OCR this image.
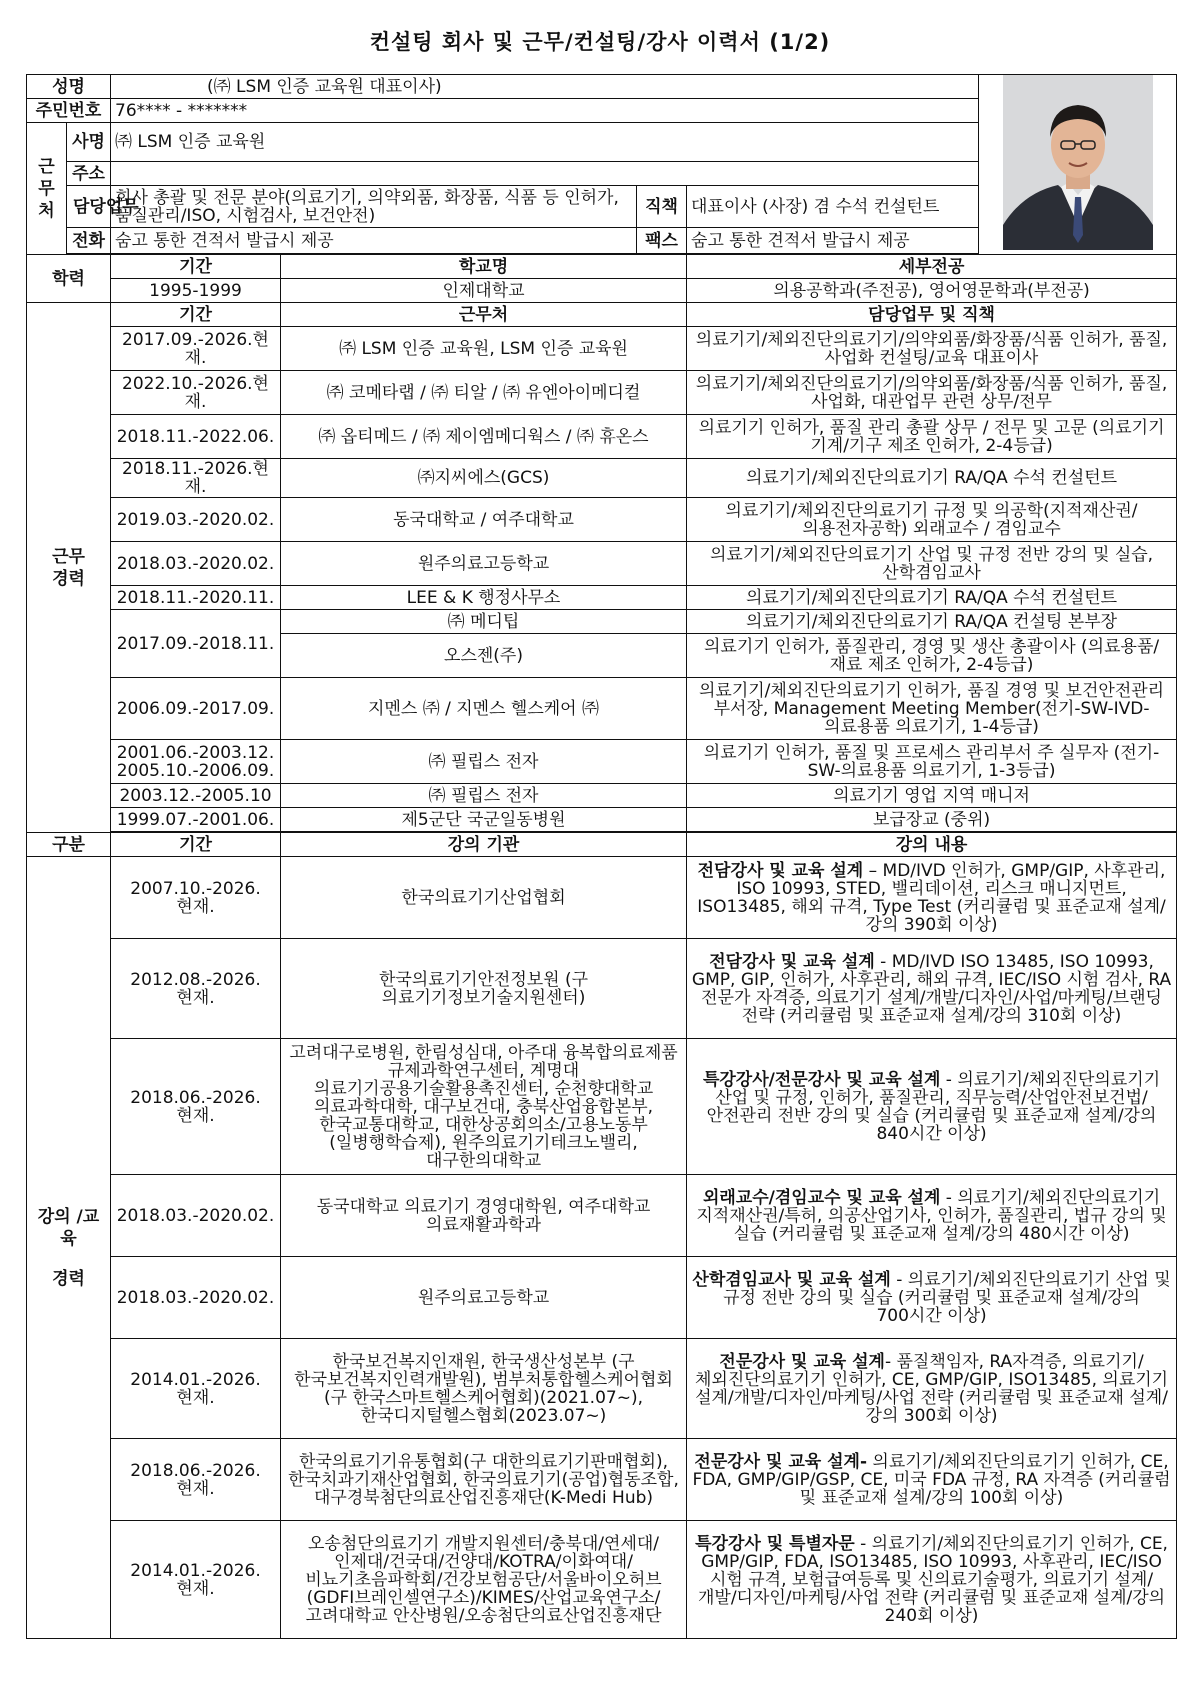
컨설팅 회사 및 근무/컨설팅/강사 이력서 (1/2)
성명		(㈜ LSM 인증 교육원 대표이사)	
주민번호		76**** - *******				
근무처	사명	㈜ LSM 인증 교육원				
	주소					
	담당업무	회사 총괄 및 전문 분야(의료기기, 의약외품, 화장품, 식품 등 인허가, 품질관리/ISO, 시험검사, 보건안전)		직책	대표이사 (사장) 겸 수석 컨설턴트	
	전화	숨고 통한 견적서 발급시 제공		팩스	숨고 통한 견적서 발급시 제공	

학력		기간	학교명		세부전공	
		1995-1999	인제대학교		의용공학과(주전공), 영어영문학과(부전공)	
근무 경력		기간	근무처		담당업무 및 직책	
		2017.09.-2026.현재.	㈜ LSM 인증 교육원, LSM 인증 교육원		의료기기/체외진단의료기기/의약외품/화장품/식품 인허가, 품질, 사업화 컨설팅/교육 대표이사	
		2022.10.-2026.현재.	㈜ 코메타랩 / ㈜ 티알 / ㈜ 유엔아이메디컬		의료기기/체외진단의료기기/의약외품/화장품/식품 인허가, 품질, 사업화, 대관업무 관련 상무/전무	
		2018.11.-2022.06.	㈜ 옵티메드 / ㈜ 제이엠메디웍스 / ㈜ 휴온스		의료기기 인허가, 품질 관리 총괄 상무 / 전무 및 고문 (의료기기 기계/기구 제조 인허가, 2-4등급)	
		2018.11.-2026.현재.	㈜지씨에스(GCS)		의료기기/체외진단의료기기 RA/QA 수석 컨설턴트	
		2019.03.-2020.02.	동국대학교 / 여주대학교		의료기기/체외진단의료기기 규정 및 의공학(지적재산권/의용전자공학) 외래교수 / 겸임교수	
		2018.03.-2020.02.	원주의료고등학교		의료기기/체외진단의료기기 산업 및 규정 전반 강의 및 실습, 산학겸임교사	
		2018.11.-2020.11.	LEE & K 행정사무소		의료기기/체외진단의료기기 RA/QA 수석 컨설턴트	
		2017.09.-2018.11.	㈜ 메디팁		의료기기/체외진단의료기기 RA/QA 컨설팅 본부장	
			오스젠(주)		의료기기 인허가, 품질관리, 경영 및 생산 총괄이사 (의료용품/재료 제조 인허가, 2-4등급)	
		2006.09.-2017.09.	지멘스 ㈜ / 지멘스 헬스케어 ㈜		의료기기/체외진단의료기기 인허가, 품질 경영 및 보건안전관리 부서장, Management Meeting Member(전기-SW-IVD-의료용품 의료기기, 1-4등급)	
		2001.06.-2003.12. 2005.10.-2006.09.	㈜ 필립스 전자		의료기기 인허가, 품질 및 프로세스 관리부서 주 실무자 (전기-SW-의료용품 의료기기, 1-3등급)	
		2003.12.-2005.10	㈜ 필립스 전자		의료기기 영업 지역 매니저	
		1999.07.-2001.06.	제5군단 국군일동병원		보급장교 (중위)	

구분		기간	강의 기관		강의 내용	

강의 /교육
경력		2007.10.-2026. 현재.	한국의료기기산업협회		전담강사 및 교육 설계 – MD/IVD 인허가, GMP/GIP, 사후관리, ISO 10993, STED, 밸리데이션, 리스크 매니지먼트, ISO13485, 해외 규격, Type Test (커리큘럼 및 표준교재 설계/강의 390회 이상)	
		2012.08.-2026. 현재.	한국의료기기안전정보원 (구 의료기기정보기술지원센터)		전담강사 및 교육 설계 - MD/IVD ISO 13485, ISO 10993, GMP, GIP, 인허가, 사후관리, 해외 규격, IEC/ISO 시험 검사, RA 전문가 자격증, 의료기기 설계/개발/디자인/사업/마케팅/브랜딩 전략 (커리큘럼 및 표준교재 설계/강의 310회 이상)	
		2018.06.-2026. 현재.	고려대구로병원, 한림성심대, 아주대 융복합의료제품 규제과학연구센터, 계명대 의료기기공용기술활용촉진센터, 순천향대학교 의료과학대학, 대구보건대, 충북산업융합본부, 한국교통대학교, 대한상공회의소/고용노동부(일병행학습제), 원주의료기기테크노밸리, 대구한의대학교		특강강사/전문강사 및 교육 설계 - 의료기기/체외진단의료기기 산업 및 규정, 인허가, 품질관리, 직무능력/산업안전보건법/안전관리 전반 강의 및 실습 (커리큘럼 및 표준교재 설계/강의 840시간 이상)	
		2018.03.-2020.02.	동국대학교 의료기기 경영대학원, 여주대학교 의료재활과학과		외래교수/겸임교수 및 교육 설계 - 의료기기/체외진단의료기기 지적재산권/특허, 의공산업기사, 인허가, 품질관리, 법규 강의 및 실습 (커리큘럼 및 표준교재 설계/강의 480시간 이상)	
		2018.03.-2020.02.	원주의료고등학교		산학겸임교사 및 교육 설계 - 의료기기/체외진단의료기기 산업 및 규정 전반 강의 및 실습 (커리큘럼 및 표준교재 설계/강의 700시간 이상)	
		2014.01.-2026. 현재.	한국보건복지인재원, 한국생산성본부 (구 한국보건복지인력개발원), 범부처통합헬스케어협회 (구 한국스마트헬스케어협회)(2021.07~), 한국디지털헬스협회(2023.07~)		전문강사 및 교육 설계- 품질책임자, RA자격증, 의료기기/체외진단의료기기 인허가, CE, GMP/GIP, ISO13485, 의료기기 설계/개발/디자인/마케팅/사업 전략 (커리큘럼 및 표준교재 설계/강의 300회 이상)	
		2018.06.-2026. 현재.	한국의료기기유통협회(구 대한의료기기판매협회), 한국치과기재산업협회, 한국의료기기(공업)협동조합, 대구경북첨단의료산업진흥재단(K-Medi Hub)		전문강사 및 교육 설계- 의료기기/체외진단의료기기 인허가, CE, FDA, GMP/GIP/GSP, CE, 미국 FDA 규정, RA 자격증 (커리큘럼 및 표준교재 설계/강의 100회 이상)	
		2014.01.-2026. 현재.	오송첨단의료기기 개발지원센터/충북대/연세대/인제대/건국대/건양대/KOTRA/이화여대/비뇨기초음파학회/건강보험공단/서울바이오허브(GDFI브레인셀연구소)/KIMES/산업교육연구소/고려대학교 안산병원/오송첨단의료산업진흥재단		특강강사 및 특별자문 - 의료기기/체외진단의료기기 인허가, CE, GMP/GIP, FDA, ISO13485, ISO 10993, 사후관리, IEC/ISO 시험 규격, 보험급여등록 및 신의료기술평가, 의료기기 설계/개발/디자인/마케팅/사업 전략 (커리큘럼 및 표준교재 설계/강의 240회 이상)	
